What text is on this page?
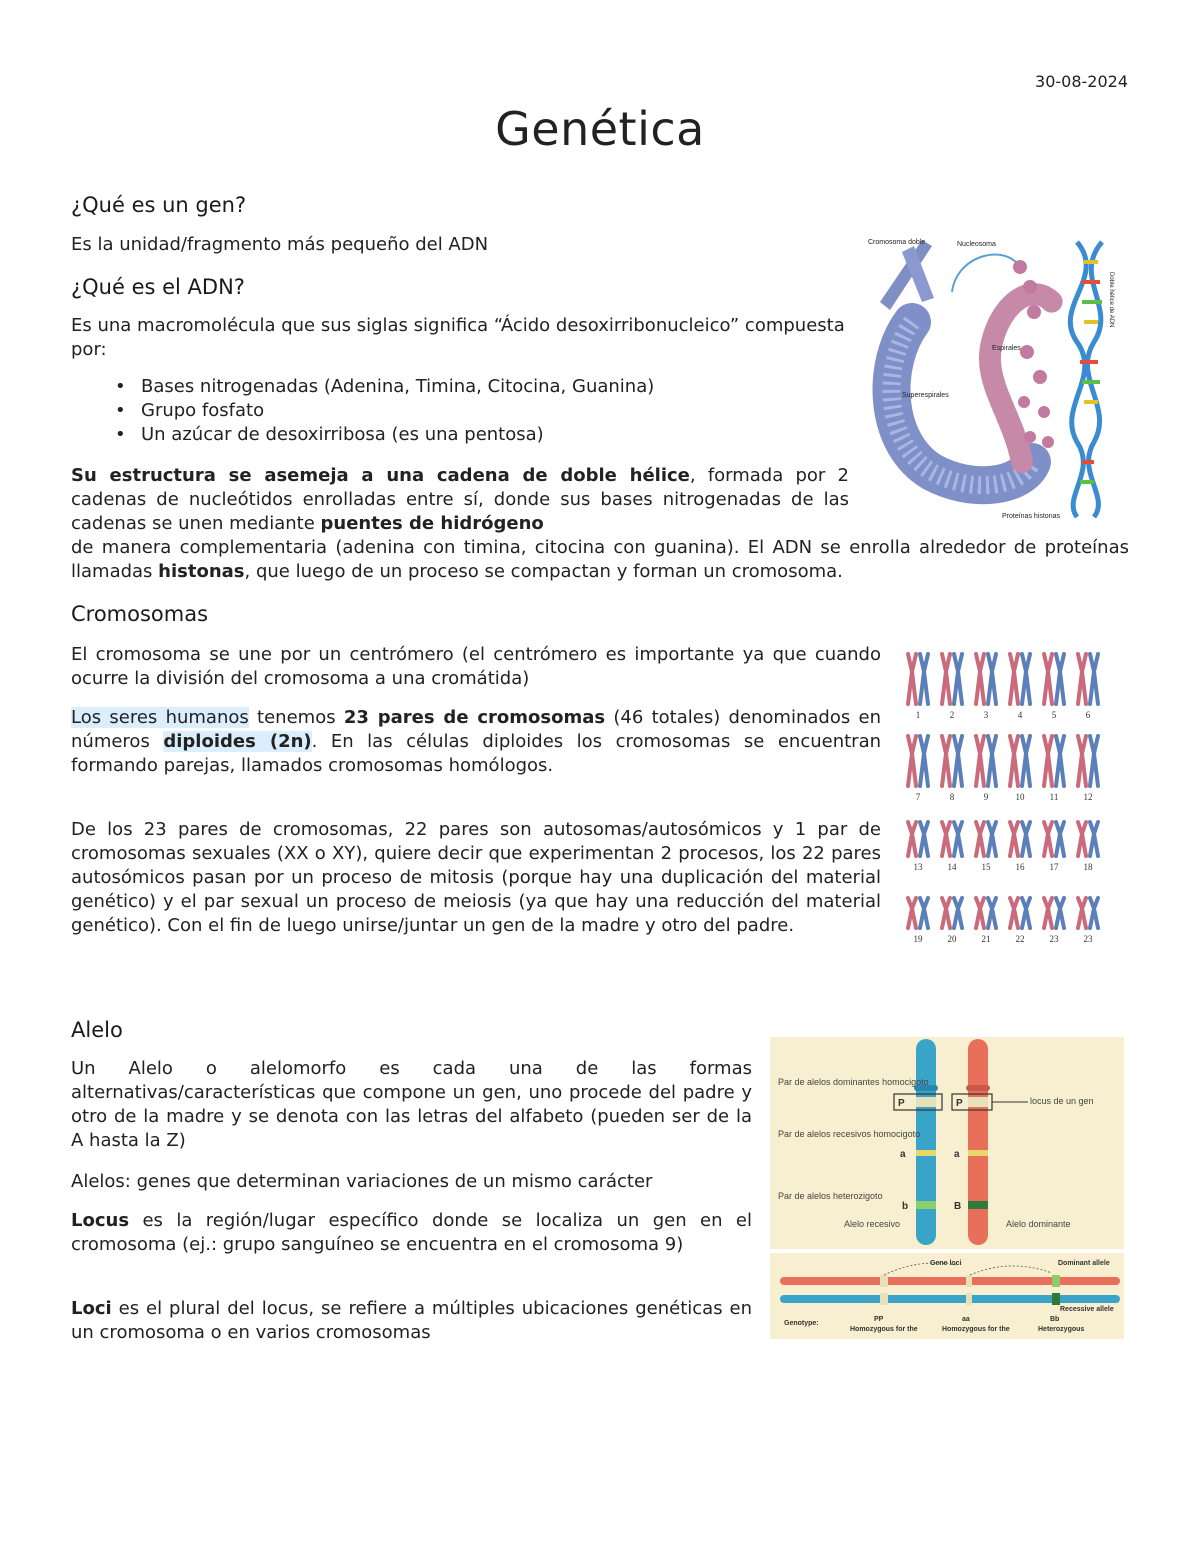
30-08-2024
Genética
¿Qué es un gen?

Es la unidad/fragmento más pequeño del ADN

¿Qué es el ADN?

Es una macromolécula que sus siglas significa “Ácido desoxirribonucleico” compuesta por:

• Bases nitrogenadas (Adenina, Timina, Citocina, Guanina)
• Grupo fosfato
• Un azúcar de desoxirribosa (es una pentosa)

Su estructura se asemeja a una cadena de doble hélice, formada por 2 cadenas de nucleótidos enrolladas entre sí, donde sus bases nitrogenadas de las cadenas se unen mediante puentes de hidrógeno

de manera complementaria (adenina con timina, citocina con guanina). El ADN se enrolla alrededor de proteínas llamadas histonas, que luego de un proceso se compactan y forman un cromosoma.

Cromosoma doble	Nucleosoma
Espirales
Superespirales
Doble hélice de ADN
Proteínas histonas
Cromosomas

El cromosoma se une por un centrómero (el centrómero es importante ya que cuando ocurre la división del cromosoma a una cromátida)

Los seres humanos tenemos 23 pares de cromosomas (46 totales) denominados en números diploides (2n). En las células diploides los cromosomas se encuentran formando parejas, llamados cromosomas homólogos.

De los 23 pares de cromosomas, 22 pares son autosomas/autosómicos y 1 par de cromosomas sexuales (XX o XY), quiere decir que experimentan 2 procesos, los 22 pares autosómicos pasan por un proceso de mitosis (porque hay una duplicación del material genético) y el par sexual un proceso de meiosis (ya que hay una reducción del material genético). Con el fin de luego unirse/juntar un gen de la madre y otro del padre.

1	2	3	4	5	6
7	8	9	10	11	12
13	14	15	16	17	18
19	20	21	22	23	23
Alelo

Un Alelo o alelomorfo es cada una de las formas alternativas/características que compone un gen, uno procede del padre y otro de la madre y se denota con las letras del alfabeto (pueden ser de la A hasta la Z)

Alelos: genes que determinan variaciones de un mismo carácter

Locus es la región/lugar específico donde se localiza un gen en el cromosoma (ej.: grupo sanguíneo se encuentra en el cromosoma 9)

Loci es el plural del locus, se refiere a múltiples ubicaciones genéticas en un cromosoma o en varios cromosomas

P	P
a	a
b	B
Par de alelos dominantes homocigoto
Par de alelos recesivos homocigoto
Par de alelos heterozigoto
locus de un gen
Alelo recesivo	Alelo dominante
Gene loci	Dominant allele
Recessive allele
Genotype:
PP
Homozygous for the
aa
Homozygous for the
Bb
Heterozygous
